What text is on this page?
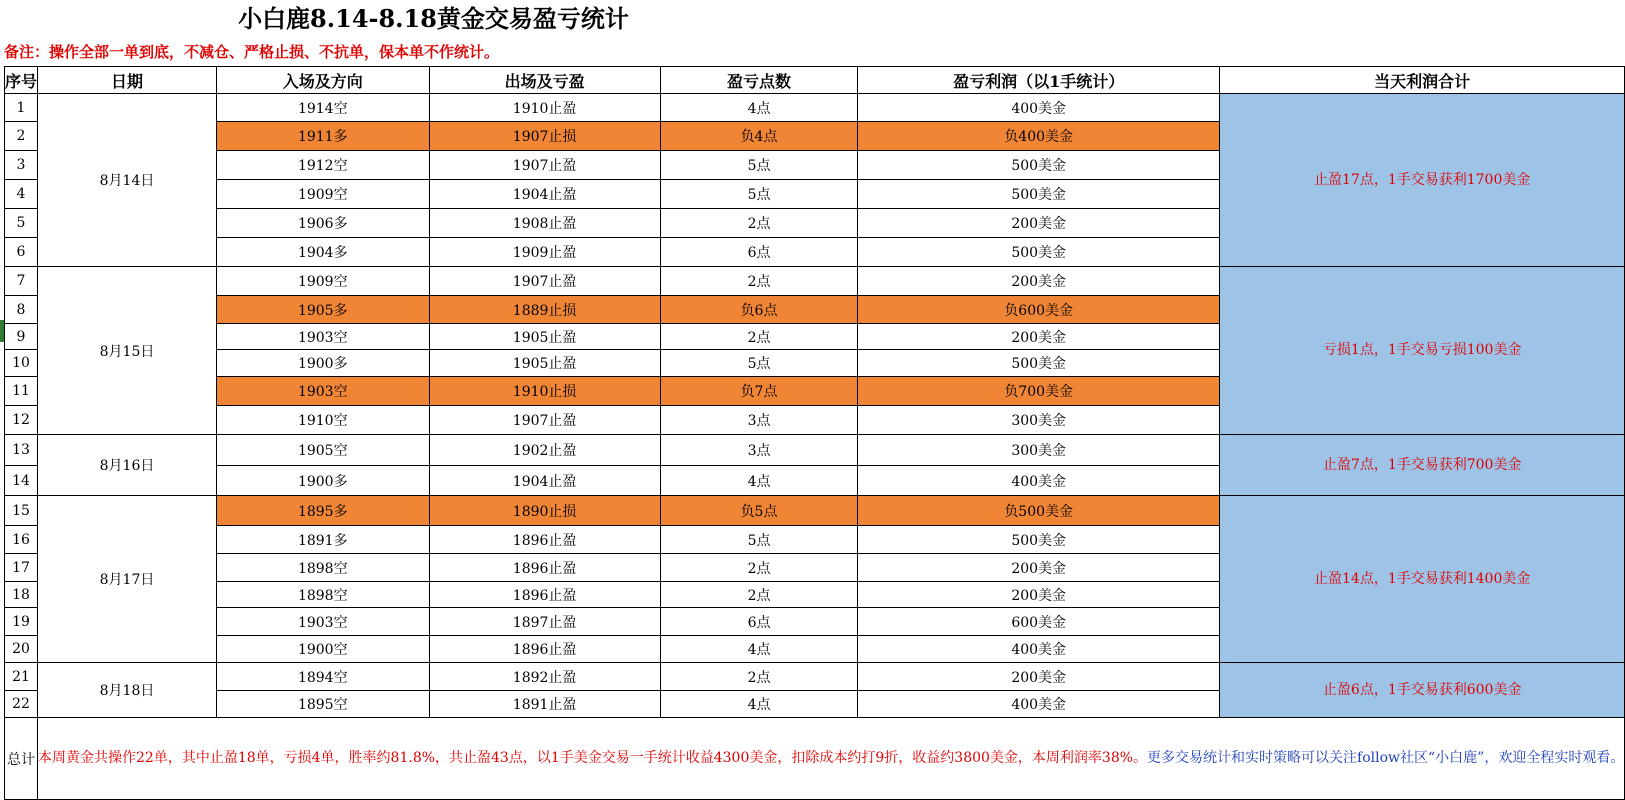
小白鹿8.14-8.18黄金交易盈亏统计
备注：操作全部一单到底，不减仓、严格止损、不抗单，保本单不作统计。
序号	日期	入场及方向	出场及亏盈	盈亏点数	盈亏利润（以1手统计）	当天利润合计
1	8月14日	1914空	1910止盈	4点	400美金	止盈17点，1手交易获利1700美金
2		1911多	1907止损	负4点	负400美金	
3		1912空	1907止盈	5点	500美金	
4		1909空	1904止盈	5点	500美金	
5		1906多	1908止盈	2点	200美金	
6		1904多	1909止盈	6点	500美金	
7	8月15日	1909空	1907止盈	2点	200美金	亏损1点，1手交易亏损100美金
8		1905多	1889止损	负6点	负600美金	
9		1903空	1905止盈	2点	200美金	
10		1900多	1905止盈	5点	500美金	
11		1903空	1910止损	负7点	负700美金	
12		1910空	1907止盈	3点	300美金	
13	8月16日	1905空	1902止盈	3点	300美金	止盈7点，1手交易获利700美金
14		1900多	1904止盈	4点	400美金	
15	8月17日	1895多	1890止损	负5点	负500美金	止盈14点，1手交易获利1400美金
16		1891多	1896止盈	5点	500美金	
17		1898空	1896止盈	2点	200美金	
18		1898空	1896止盈	2点	200美金	
19		1903空	1897止盈	6点	600美金	
20		1900空	1896止盈	4点	400美金	
21	8月18日	1894空	1892止盈	2点	200美金	止盈6点，1手交易获利600美金
22		1895空	1891止盈	4点	400美金	
总计	本周黄金共操作22单，其中止盈18单，亏损4单，胜率约81.8%，共止盈43点，以1手美金交易一手统计收益4300美金，扣除成本约打9折，收益约3800美金，本周利润率38%。更多交易统计和实时策略可以关注follow社区“小白鹿”，欢迎全程实时观看。					
